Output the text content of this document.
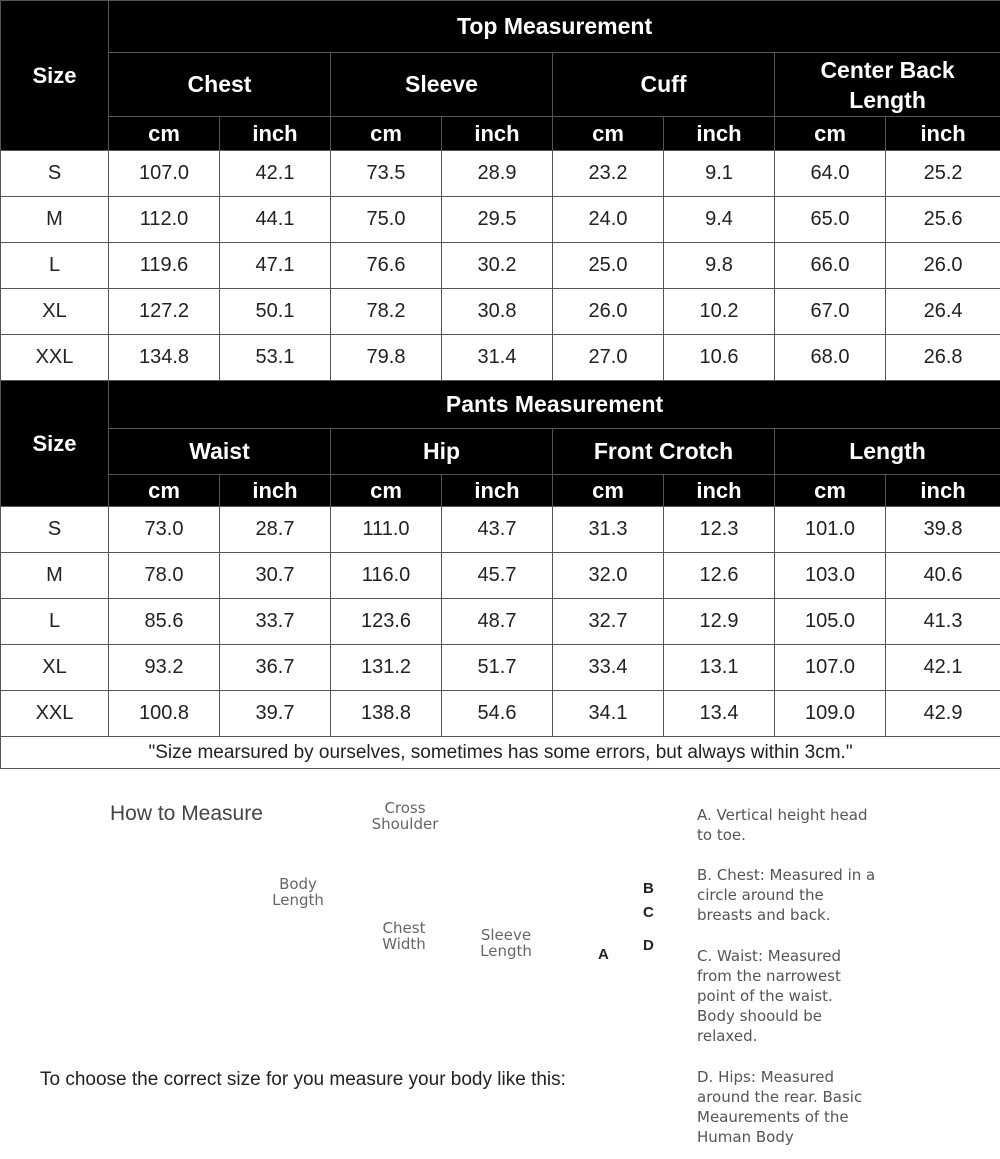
Size	Top Measurement							
	Chest		Sleeve		Cuff		Center Back Length	
	cm	inch	cm	inch	cm	inch	cm	inch
S	107.0	42.1	73.5	28.9	23.2	9.1	64.0	25.2
M	112.0	44.1	75.0	29.5	24.0	9.4	65.0	25.6
L	119.6	47.1	76.6	30.2	25.0	9.8	66.0	26.0
XL	127.2	50.1	78.2	30.8	26.0	10.2	67.0	26.4
XXL	134.8	53.1	79.8	31.4	27.0	10.6	68.0	26.8
Size	Pants Measurement							
	Waist		Hip		Front Crotch		Length	
	cm	inch	cm	inch	cm	inch	cm	inch
S	73.0	28.7	111.0	43.7	31.3	12.3	101.0	39.8
M	78.0	30.7	116.0	45.7	32.0	12.6	103.0	40.6
L	85.6	33.7	123.6	48.7	32.7	12.9	105.0	41.3
XL	93.2	36.7	131.2	51.7	33.4	13.1	107.0	42.1
XXL	100.8	39.7	138.8	54.6	34.1	13.4	109.0	42.9
"Size mearsured by ourselves, sometimes has some errors, but always within 3cm."								
How to Measure	Cross Shoulder
Body Length
Chest Width	Sleeve Length
To choose the correct size for you measure your body like this:
B
C
D
A
A. Vertical height head to toe.
B. Chest: Measured in a circle around the breasts and back.
C. Waist: Measured from the narrowest point of the waist. Body shoould be relaxed.
D. Hips: Measured around the rear. Basic Meaurements of the Human Body
